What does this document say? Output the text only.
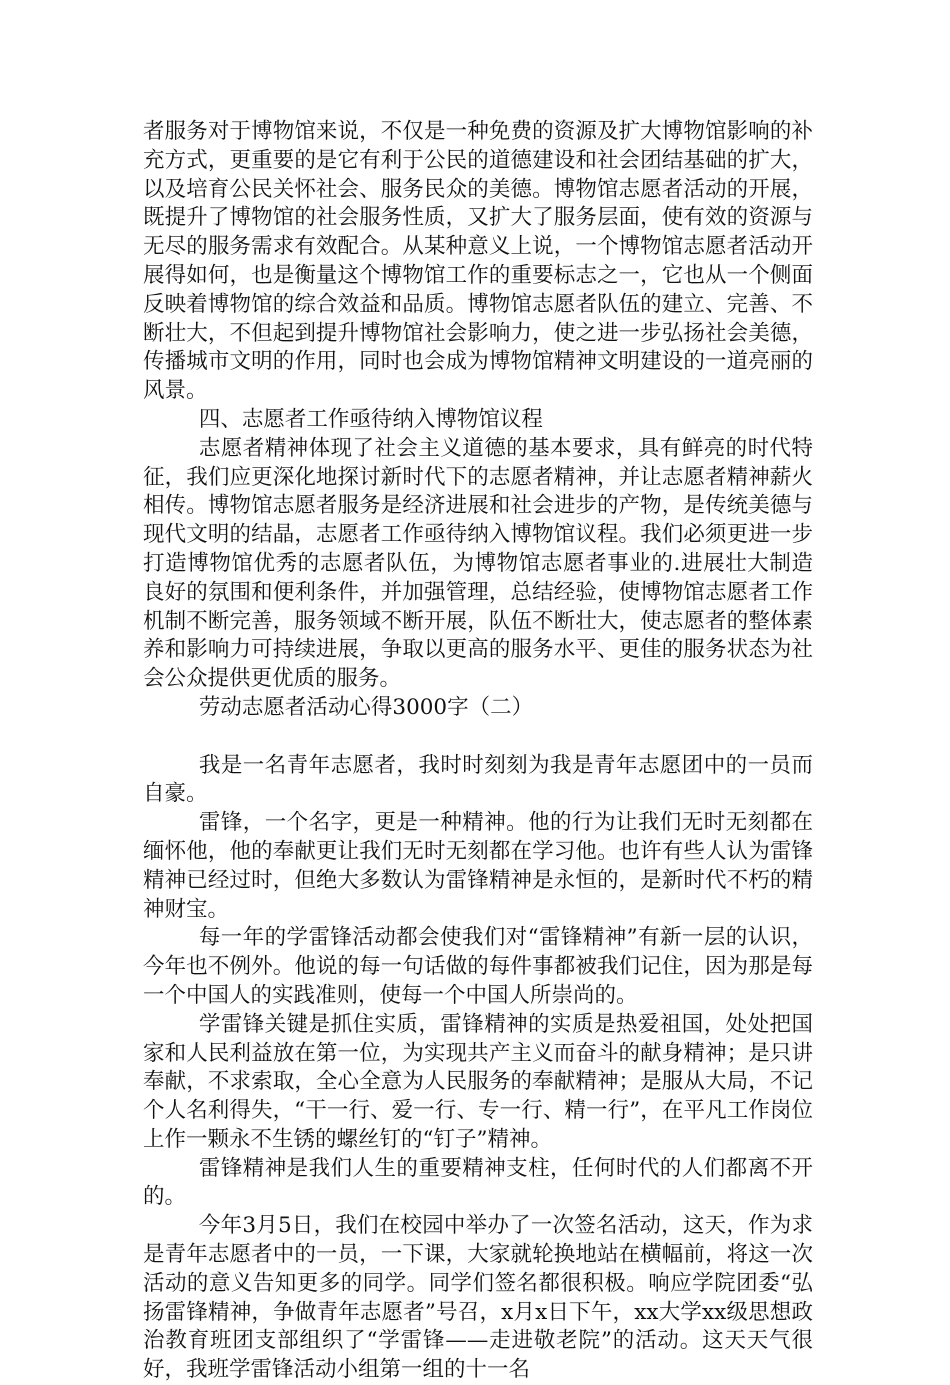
者服务对于博物馆来说，不仅是一种免费的资源及扩大博物馆影响的补充方式，更重要的是它有利于公民的道德建设和社会团结基础的扩大，以及培育公民关怀社会、服务民众的美德。博物馆志愿者活动的开展，既提升了博物馆的社会服务性质，又扩大了服务层面，使有效的资源与无尽的服务需求有效配合。从某种意义上说，一个博物馆志愿者活动开展得如何，也是衡量这个博物馆工作的重要标志之一，它也从一个侧面反映着博物馆的综合效益和品质。博物馆志愿者队伍的建立、完善、不断壮大，不但起到提升博物馆社会影响力，使之进一步弘扬社会美德，传播城市文明的作用，同时也会成为博物馆精神文明建设的一道亮丽的风景。

四、志愿者工作亟待纳入博物馆议程

志愿者精神体现了社会主义道德的基本要求，具有鲜亮的时代特征，我们应更深化地探讨新时代下的志愿者精神，并让志愿者精神薪火相传。博物馆志愿者服务是经济进展和社会进步的产物，是传统美德与现代文明的结晶，志愿者工作亟待纳入博物馆议程。我们必须更进一步打造博物馆优秀的志愿者队伍，为博物馆志愿者事业的.进展壮大制造良好的氛围和便利条件，并加强管理，总结经验，使博物馆志愿者工作机制不断完善，服务领域不断开展，队伍不断壮大，使志愿者的整体素养和影响力可持续进展，争取以更高的服务水平、更佳的服务状态为社会公众提供更优质的服务。

劳动志愿者活动心得3000字（二）

我是一名青年志愿者，我时时刻刻为我是青年志愿团中的一员而自豪。

雷锋，一个名字，更是一种精神。他的行为让我们无时无刻都在缅怀他，他的奉献更让我们无时无刻都在学习他。也许有些人认为雷锋精神已经过时，但绝大多数认为雷锋精神是永恒的，是新时代不朽的精神财宝。

每一年的学雷锋活动都会使我们对“雷锋精神”有新一层的认识，今年也不例外。他说的每一句话做的每件事都被我们记住，因为那是每一个中国人的实践准则，使每一个中国人所崇尚的。

学雷锋关键是抓住实质，雷锋精神的实质是热爱祖国，处处把国家和人民利益放在第一位，为实现共产主义而奋斗的献身精神；是只讲奉献，不求索取，全心全意为人民服务的奉献精神；是服从大局，不记个人名利得失，“干一行、爱一行、专一行、精一行”，在平凡工作岗位上作一颗永不生锈的螺丝钉的“钉子”精神。

雷锋精神是我们人生的重要精神支柱，任何时代的人们都离不开的。

今年3月5日，我们在校园中举办了一次签名活动，这天，作为求是青年志愿者中的一员，一下课，大家就轮换地站在横幅前，将这一次活动的意义告知更多的同学。同学们签名都很积极。响应学院团委“弘扬雷锋精神，争做青年志愿者”号召，x月x日下午，xx大学xx级思想政治教育班团支部组织了“学雷锋——走进敬老院”的活动。这天天气很好，我班学雷锋活动小组第一组的十一名
